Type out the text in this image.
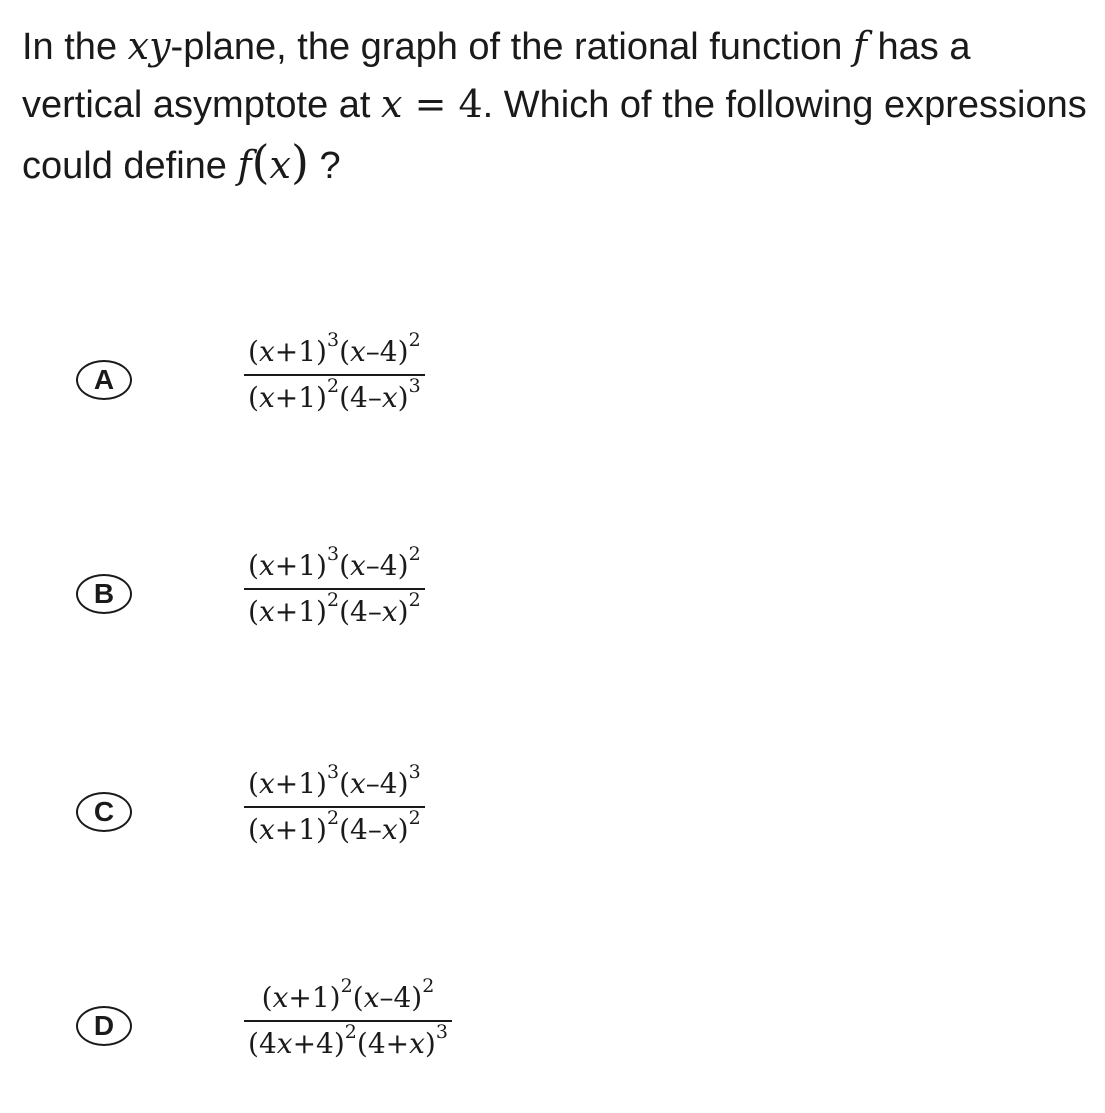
In the xy-plane, the graph of the rational function f has a vertical asymptote at x = 4. Which of the following expressions could define f(x) ?
A
$(x+1)^3(x-4)^2$
$(x+1)^2(4-x)^3$
B
$(x+1)^3(x-4)^2$
$(x+1)^2(4-x)^2$
C
$(x+1)^3(x-4)^3$
$(x+1)^2(4-x)^2$
D
$(x+1)^2(x-4)^2$
$(4x+4)^2(4+x)^3$
